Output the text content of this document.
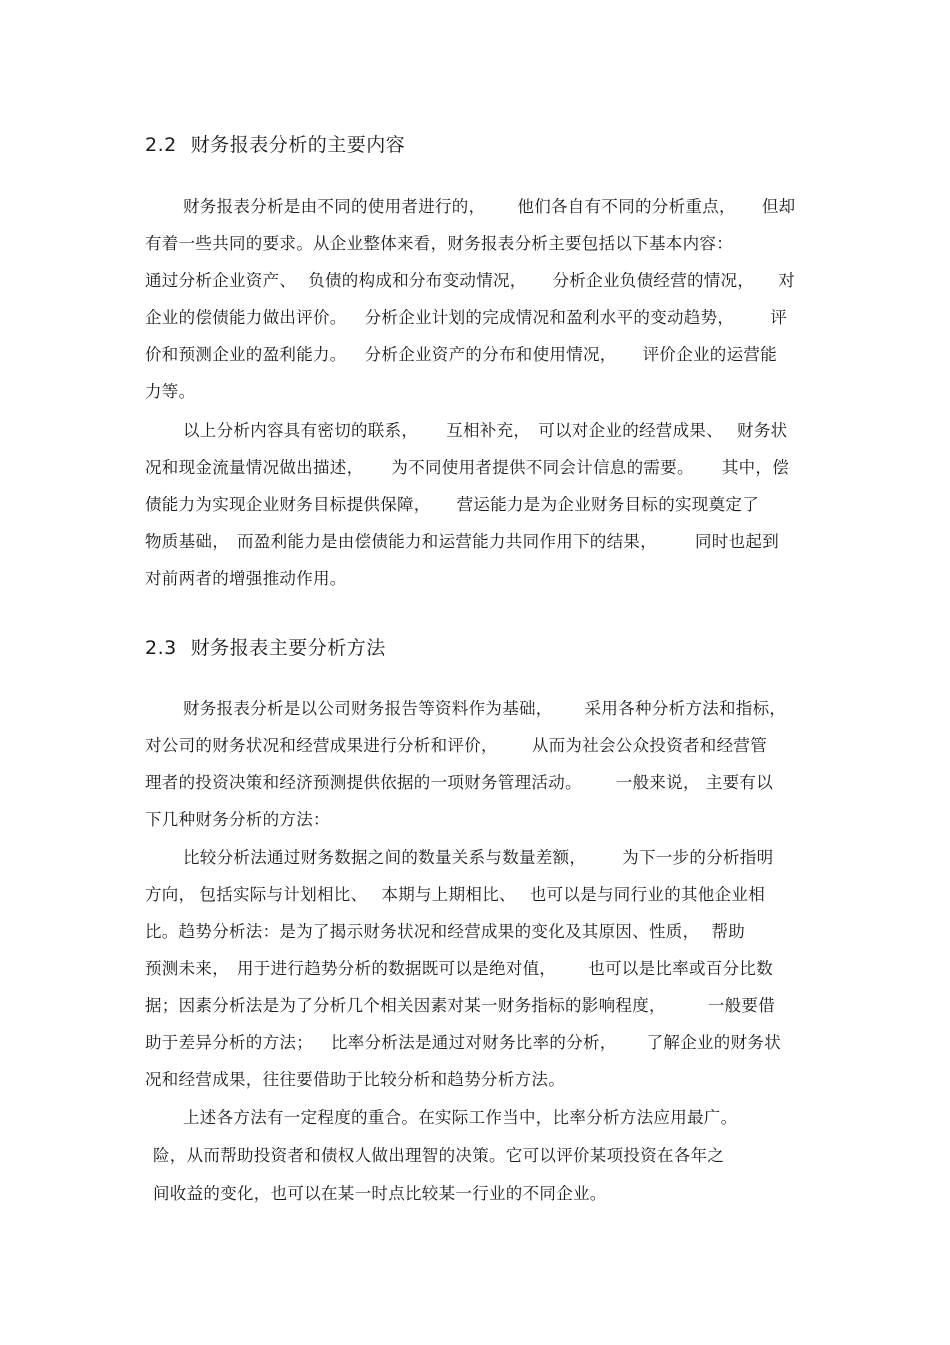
2.2 财务报表分析的主要内容
财务报表分析是由不同的使用者进行的， 他们各自有不同的分析重点， 但却
有着一些共同的要求。从企业整体来看，财务报表分析主要包括以下基本内容：
通过分析企业资产、 负债的构成和分布变动情况， 分析企业负债经营的情况， 对
企业的偿债能力做出评价。 分析企业计划的完成情况和盈利水平的变动趋势， 评
价和预测企业的盈利能力。 分析企业资产的分布和使用情况， 评价企业的运营能
力等。
以上分析内容具有密切的联系， 互相补充， 可以对企业的经营成果、 财务状
况和现金流量情况做出描述， 为不同使用者提供不同会计信息的需要。 其中，偿
债能力为实现企业财务目标提供保障， 营运能力是为企业财务目标的实现奠定了
物质基础， 而盈利能力是由偿债能力和运营能力共同作用下的结果， 同时也起到
对前两者的增强推动作用。
2.3 财务报表主要分析方法
财务报表分析是以公司财务报告等资料作为基础， 采用各种分析方法和指标，
对公司的财务状况和经营成果进行分析和评价， 从而为社会公众投资者和经营管
理者的投资决策和经济预测提供依据的一项财务管理活动。 一般来说， 主要有以
下几种财务分析的方法：
比较分析法通过财务数据之间的数量关系与数量差额， 为下一步的分析指明
方向， 包括实际与计划相比、 本期与上期相比、 也可以是与同行业的其他企业相
比。趋势分析法：是为了揭示财务状况和经营成果的变化及其原因、性质， 帮助
预测未来， 用于进行趋势分析的数据既可以是绝对值， 也可以是比率或百分比数
据；因素分析法是为了分析几个相关因素对某一财务指标的影响程度，	一般要借
助于差异分析的方法； 比率分析法是通过对财务比率的分析， 了解企业的财务状
况和经营成果，往往要借助于比较分析和趋势分析方法。
上述各方法有一定程度的重合。在实际工作当中，比率分析方法应用最广。
险，从而帮助投资者和债权人做出理智的决策。它可以评价某项投资在各年之
间收益的变化，也可以在某一时点比较某一行业的不同企业。
